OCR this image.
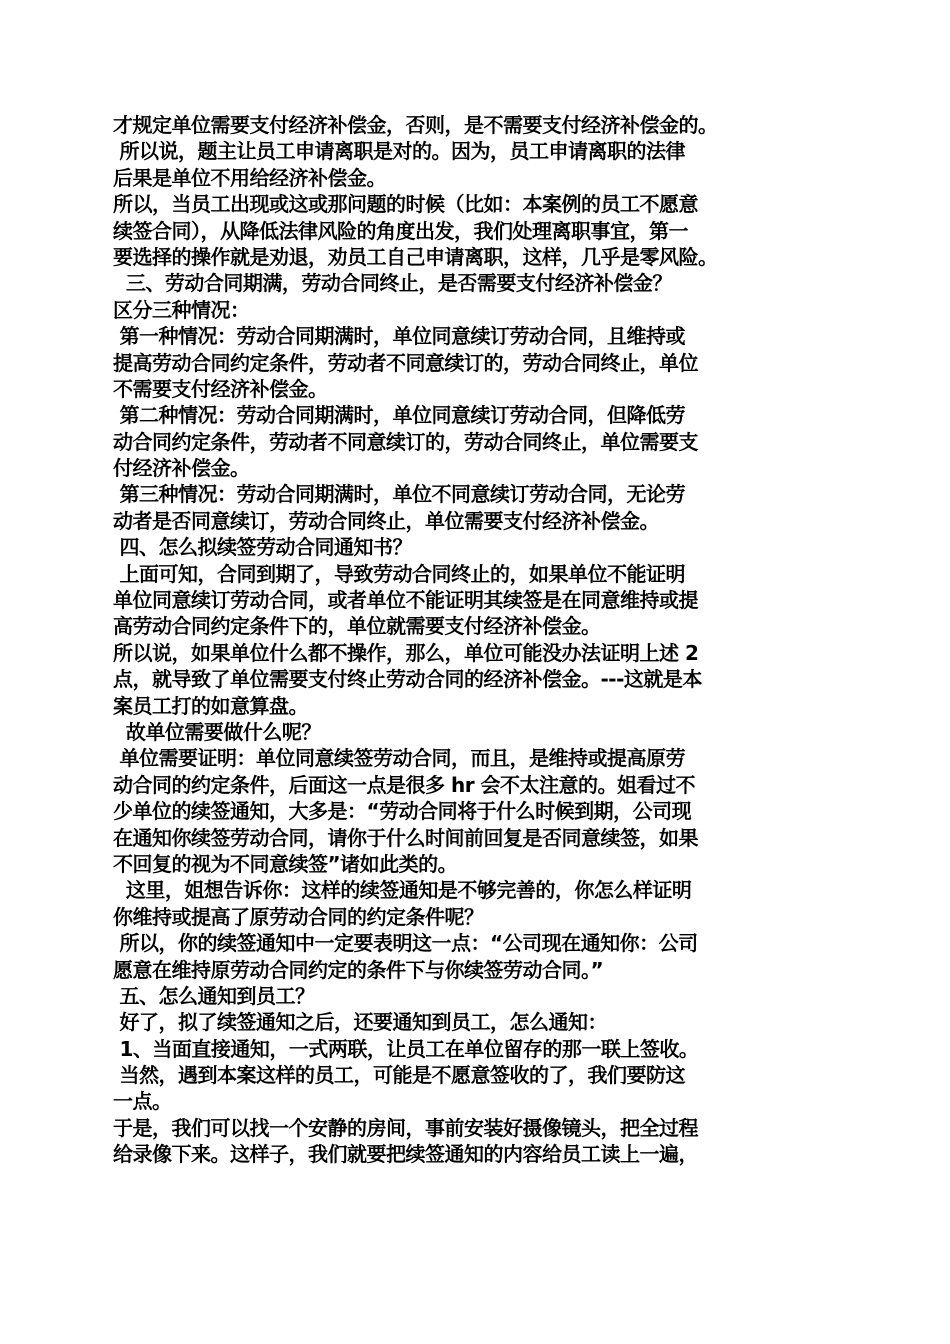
才规定单位需要支付经济补偿金，否则，是不需要支付经济补偿金的。
所以说，题主让员工申请离职是对的。因为，员工申请离职的法律
后果是单位不用给经济补偿金。
所以，当员工出现或这或那问题的时候（比如：本案例的员工不愿意
续签合同），从降低法律风险的角度出发，我们处理离职事宜，第一
要选择的操作就是劝退，劝员工自己申请离职，这样，几乎是零风险。
三、劳动合同期满，劳动合同终止，是否需要支付经济补偿金？
区分三种情况：
第一种情况：劳动合同期满时，单位同意续订劳动合同，且维持或
提高劳动合同约定条件，劳动者不同意续订的，劳动合同终止，单位
不需要支付经济补偿金。
第二种情况：劳动合同期满时，单位同意续订劳动合同，但降低劳
动合同约定条件，劳动者不同意续订的，劳动合同终止，单位需要支
付经济补偿金。
第三种情况：劳动合同期满时，单位不同意续订劳动合同，无论劳
动者是否同意续订，劳动合同终止，单位需要支付经济补偿金。
四、怎么拟续签劳动合同通知书？
上面可知，合同到期了，导致劳动合同终止的，如果单位不能证明
单位同意续订劳动合同，或者单位不能证明其续签是在同意维持或提
高劳动合同约定条件下的，单位就需要支付经济补偿金。
所以说，如果单位什么都不操作，那么，单位可能没办法证明上述 2
点，就导致了单位需要支付终止劳动合同的经济补偿金。---这就是本
案员工打的如意算盘。
故单位需要做什么呢？
单位需要证明：单位同意续签劳动合同，而且，是维持或提高原劳
动合同的约定条件，后面这一点是很多 hr 会不太注意的。姐看过不
少单位的续签通知，大多是：“劳动合同将于什么时候到期，公司现
在通知你续签劳动合同，请你于什么时间前回复是否同意续签，如果
不回复的视为不同意续签”诸如此类的。
这里，姐想告诉你：这样的续签通知是不够完善的，你怎么样证明
你维持或提高了原劳动合同的约定条件呢？
所以，你的续签通知中一定要表明这一点：“公司现在通知你：公司
愿意在维持原劳动合同约定的条件下与你续签劳动合同。”
五、怎么通知到员工？
好了，拟了续签通知之后，还要通知到员工，怎么通知：
1、当面直接通知，一式两联，让员工在单位留存的那一联上签收。
当然，遇到本案这样的员工，可能是不愿意签收的了，我们要防这
一点。
于是，我们可以找一个安静的房间，事前安装好摄像镜头，把全过程
给录像下来。这样子，我们就要把续签通知的内容给员工读上一遍，
